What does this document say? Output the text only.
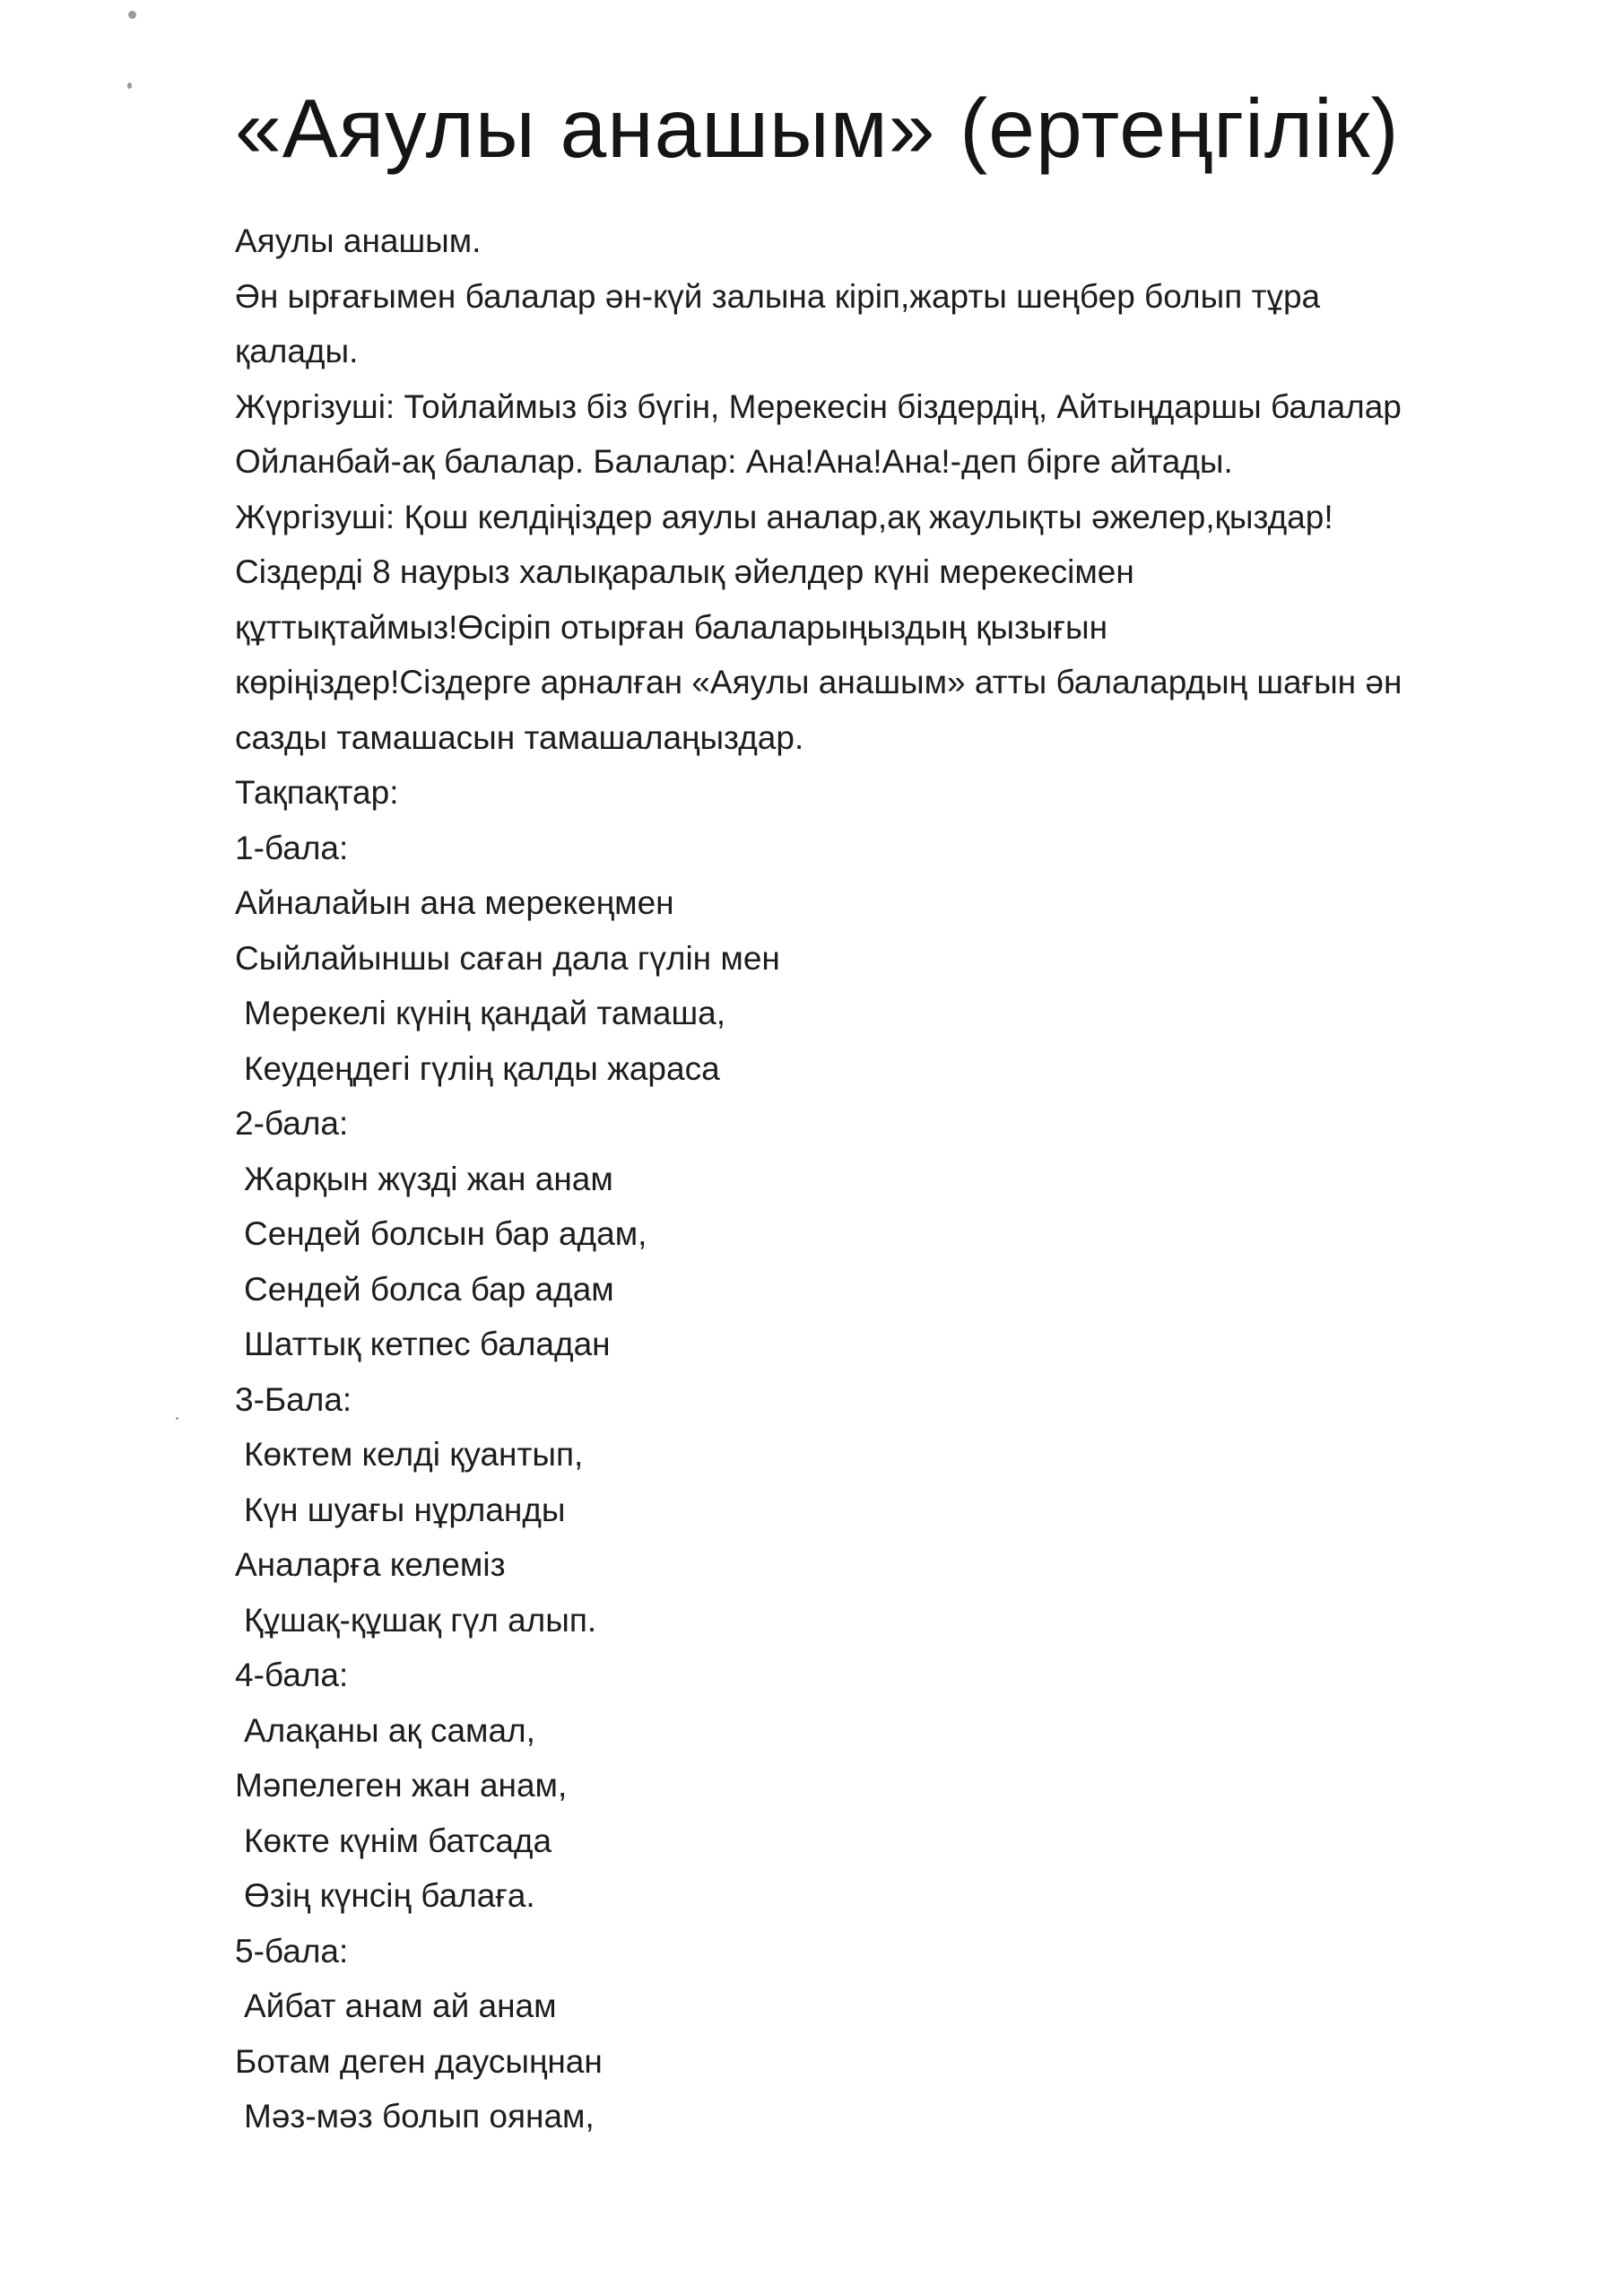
«Аяулы анашым» (ертеңгілік)

Аяулы анашым.

Ән ырғағымен балалар ән-күй залына кіріп,жарты шеңбер болып тұра

қалады.

Жүргізуші: Тойлаймыз біз бүгін, Мерекесін біздердің, Айтыңдаршы балалар

Ойланбай-ақ балалар. Балалар: Ана!Ана!Ана!-деп бірге айтады.

Жүргізуші: Қош келдіңіздер аяулы аналар,ақ жаулықты әжелер,қыздар!

Сіздерді 8 наурыз халықаралық әйелдер күні мерекесімен

құттықтаймыз!Өсіріп отырған балаларыңыздың қызығын

көріңіздер!Сіздерге арналған «Аяулы анашым» атты балалардың шағын ән

сазды тамашасын тамашалаңыздар.

Тақпақтар:

1-бала:

Айналайын ана мерекеңмен

Сыйлайыншы саған дала гүлін мен

Мерекелі күнің қандай тамаша,

Кеудеңдегі гүлің қалды жараса

2-бала:

Жарқын жүзді жан анам

Сендей болсын бар адам,

Сендей болса бар адам

Шаттық кетпес баладан

3-Бала:

Көктем келді қуантып,

Күн шуағы нұрланды

Аналарға келеміз

Құшақ-құшақ гүл алып.

4-бала:

Алақаны ақ самал,

Мәпелеген жан анам,

Көкте күнім батсада

Өзің күнсің балаға.

5-бала:

Айбат анам ай анам

Ботам деген даусыңнан

Мәз-мәз болып оянам,
